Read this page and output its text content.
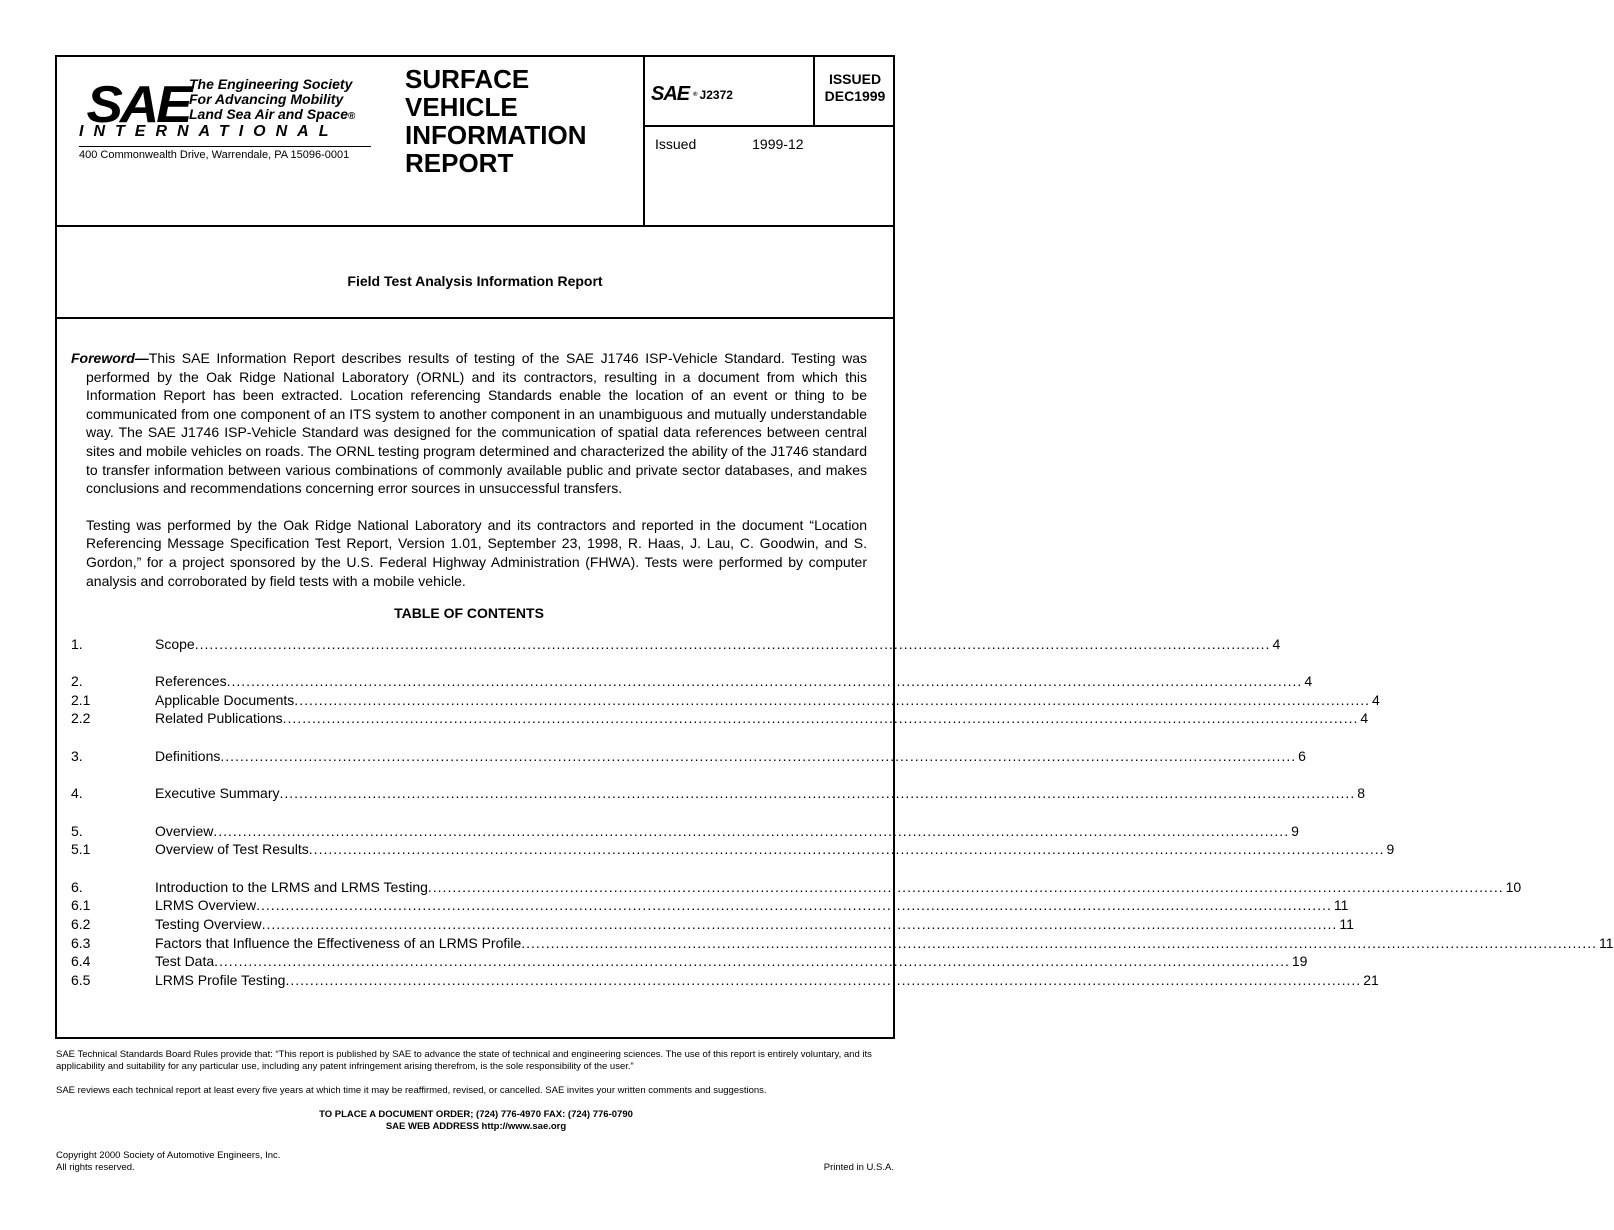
SAE The Engineering Society
For Advancing Mobility
Land Sea Air and Space®
INTERNATIONAL
400 Commonwealth Drive, Warrendale, PA 15096-0001
SURFACE
VEHICLE
INFORMATION
REPORT
SAE ® J2372
ISSUED
DEC1999
Issued	1999-12
Field Test Analysis Information Report

Foreword—This SAE Information Report describes results of testing of the SAE J1746 ISP-Vehicle Standard. Testing was performed by the Oak Ridge National Laboratory (ORNL) and its contractors, resulting in a document from which this Information Report has been extracted. Location referencing Standards enable the location of an event or thing to be communicated from one component of an ITS system to another component in an unambiguous and mutually understandable way. The SAE J1746 ISP-Vehicle Standard was designed for the communication of spatial data references between central sites and mobile vehicles on roads. The ORNL testing program determined and characterized the ability of the J1746 standard to transfer information between various combinations of commonly available public and private sector databases, and makes conclusions and recommendations concerning error sources in unsuccessful transfers.

Testing was performed by the Oak Ridge National Laboratory and its contractors and reported in the document “Location Referencing Message Specification Test Report, Version 1.01, September 23, 1998, R. Haas, J. Lau, C. Goodwin, and S. Gordon,” for a project sponsored by the U.S. Federal Highway Administration (FHWA). Tests were performed by computer analysis and corroborated by field tests with a mobile vehicle.

TABLE OF CONTENTS
1.	Scope ............................................................................................................................................................................................................................ 4
2.	References ............................................................................................................................................................................................................................ 4
2.1	Applicable Documents ............................................................................................................................................................................................................................ 4
2.2	Related Publications ............................................................................................................................................................................................................................ 4
3.	Definitions ............................................................................................................................................................................................................................ 6
4.	Executive Summary ............................................................................................................................................................................................................................ 8
5.	Overview ............................................................................................................................................................................................................................ 9
5.1	Overview of Test Results ............................................................................................................................................................................................................................ 9
6.	Introduction to the LRMS and LRMS Testing ............................................................................................................................................................................................................................ 10
6.1	LRMS Overview ............................................................................................................................................................................................................................ 11
6.2	Testing Overview ............................................................................................................................................................................................................................ 11
6.3	Factors that Influence the Effectiveness of an LRMS Profile ............................................................................................................................................................................................................................ 11
6.4	Test Data ............................................................................................................................................................................................................................ 19
6.5	LRMS Profile Testing ............................................................................................................................................................................................................................ 21

SAE Technical Standards Board Rules provide that: “This report is published by SAE to advance the state of technical and engineering sciences. The use of this report is entirely voluntary, and its applicability and suitability for any particular use, including any patent infringement arising therefrom, is the sole responsibility of the user.”

SAE reviews each technical report at least every five years at which time it may be reaffirmed, revised, or cancelled. SAE invites your written comments and suggestions.

TO PLACE A DOCUMENT ORDER; (724) 776-4970 FAX: (724) 776-0790

SAE WEB ADDRESS http://www.sae.org

Copyright 2000 Society of Automotive Engineers, Inc.
All rights reserved.	Printed in U.S.A.
